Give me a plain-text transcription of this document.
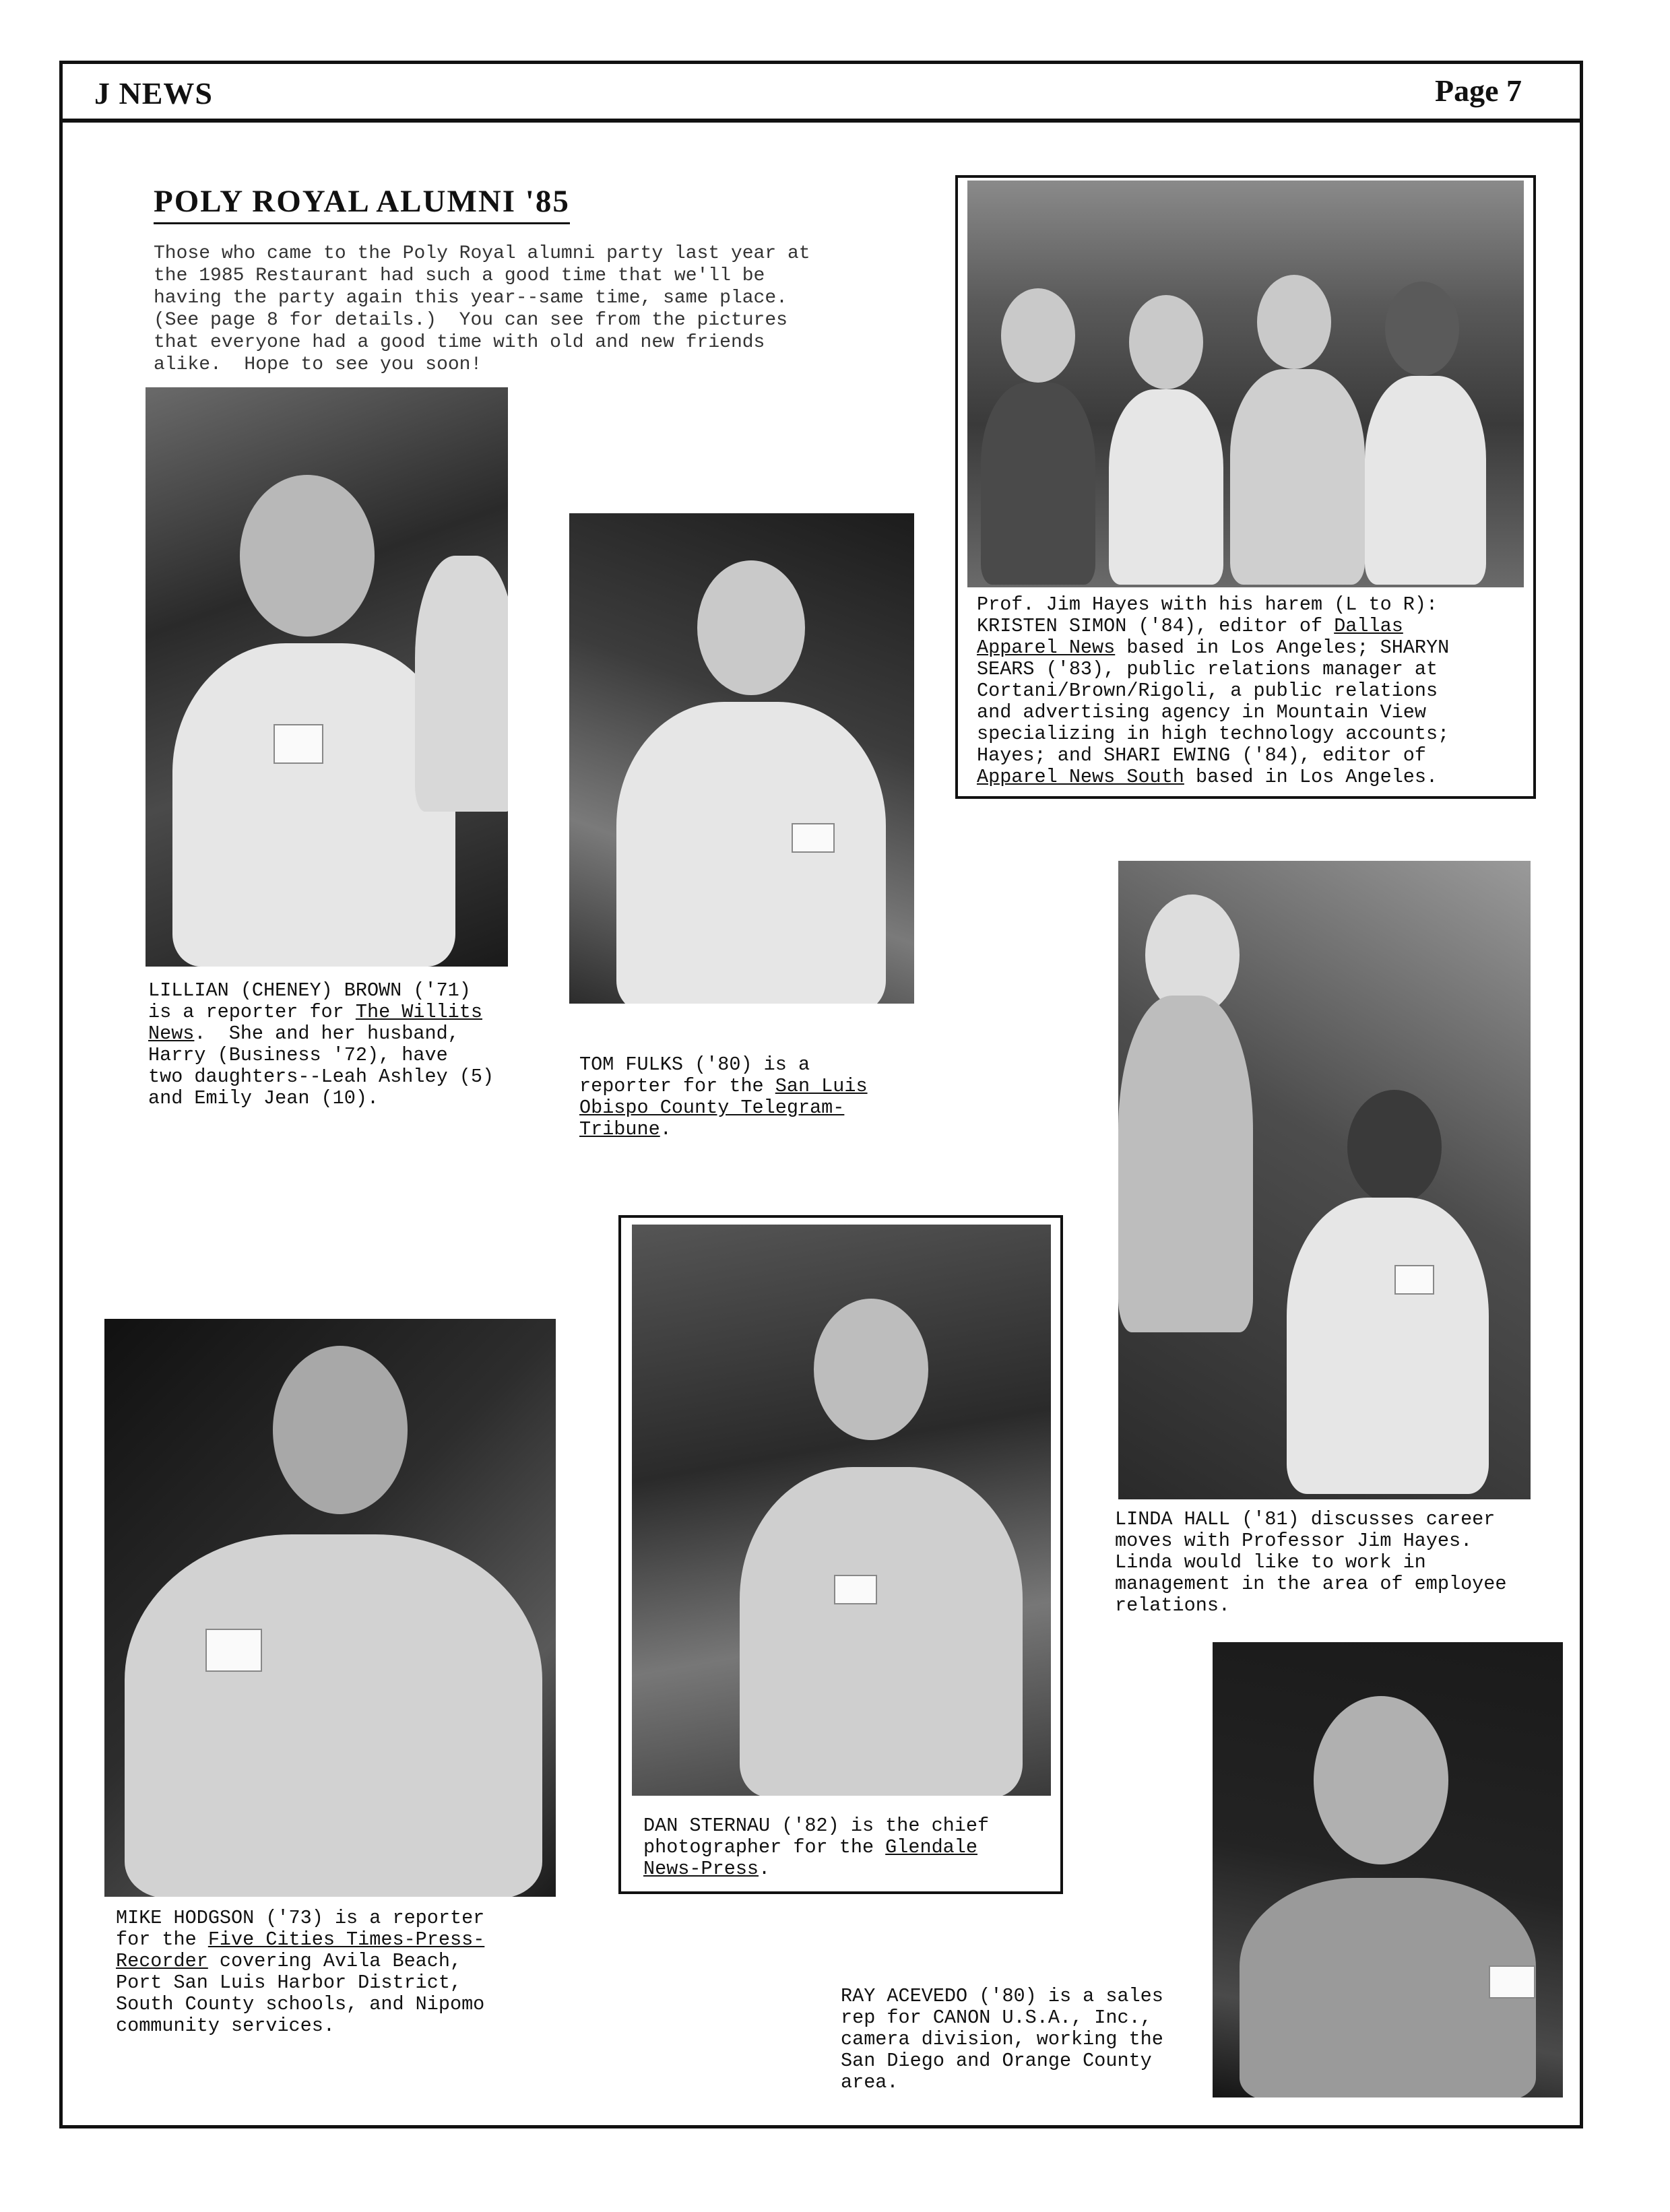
J NEWS	Page 7
POLY ROYAL ALUMNI '85
Those who came to the Poly Royal alumni party last year at
the 1985 Restaurant had such a good time that we'll be
having the party again this year--same time, same place.
(See page 8 for details.)  You can see from the pictures
that everyone had a good time with old and new friends
alike.  Hope to see you soon!
LILLIAN (CHENEY) BROWN ('71)
is a reporter for The Willits
News.  She and her husband,
Harry (Business '72), have
two daughters--Leah Ashley (5)
and Emily Jean (10).
TOM FULKS ('80) is a
reporter for the San Luis
Obispo County Telegram-
Tribune.
Prof. Jim Hayes with his harem (L to R):
KRISTEN SIMON ('84), editor of Dallas
Apparel News based in Los Angeles; SHARYN
SEARS ('83), public relations manager at
Cortani/Brown/Rigoli, a public relations
and advertising agency in Mountain View
specializing in high technology accounts;
Hayes; and SHARI EWING ('84), editor of
Apparel News South based in Los Angeles.
LINDA HALL ('81) discusses career
moves with Professor Jim Hayes.
Linda would like to work in
management in the area of employee
relations.
MIKE HODGSON ('73) is a reporter
for the Five Cities Times-Press-
Recorder covering Avila Beach,
Port San Luis Harbor District,
South County schools, and Nipomo
community services.
DAN STERNAU ('82) is the chief
photographer for the Glendale
News-Press.
RAY ACEVEDO ('80) is a sales
rep for CANON U.S.A., Inc.,
camera division, working the
San Diego and Orange County
area.
